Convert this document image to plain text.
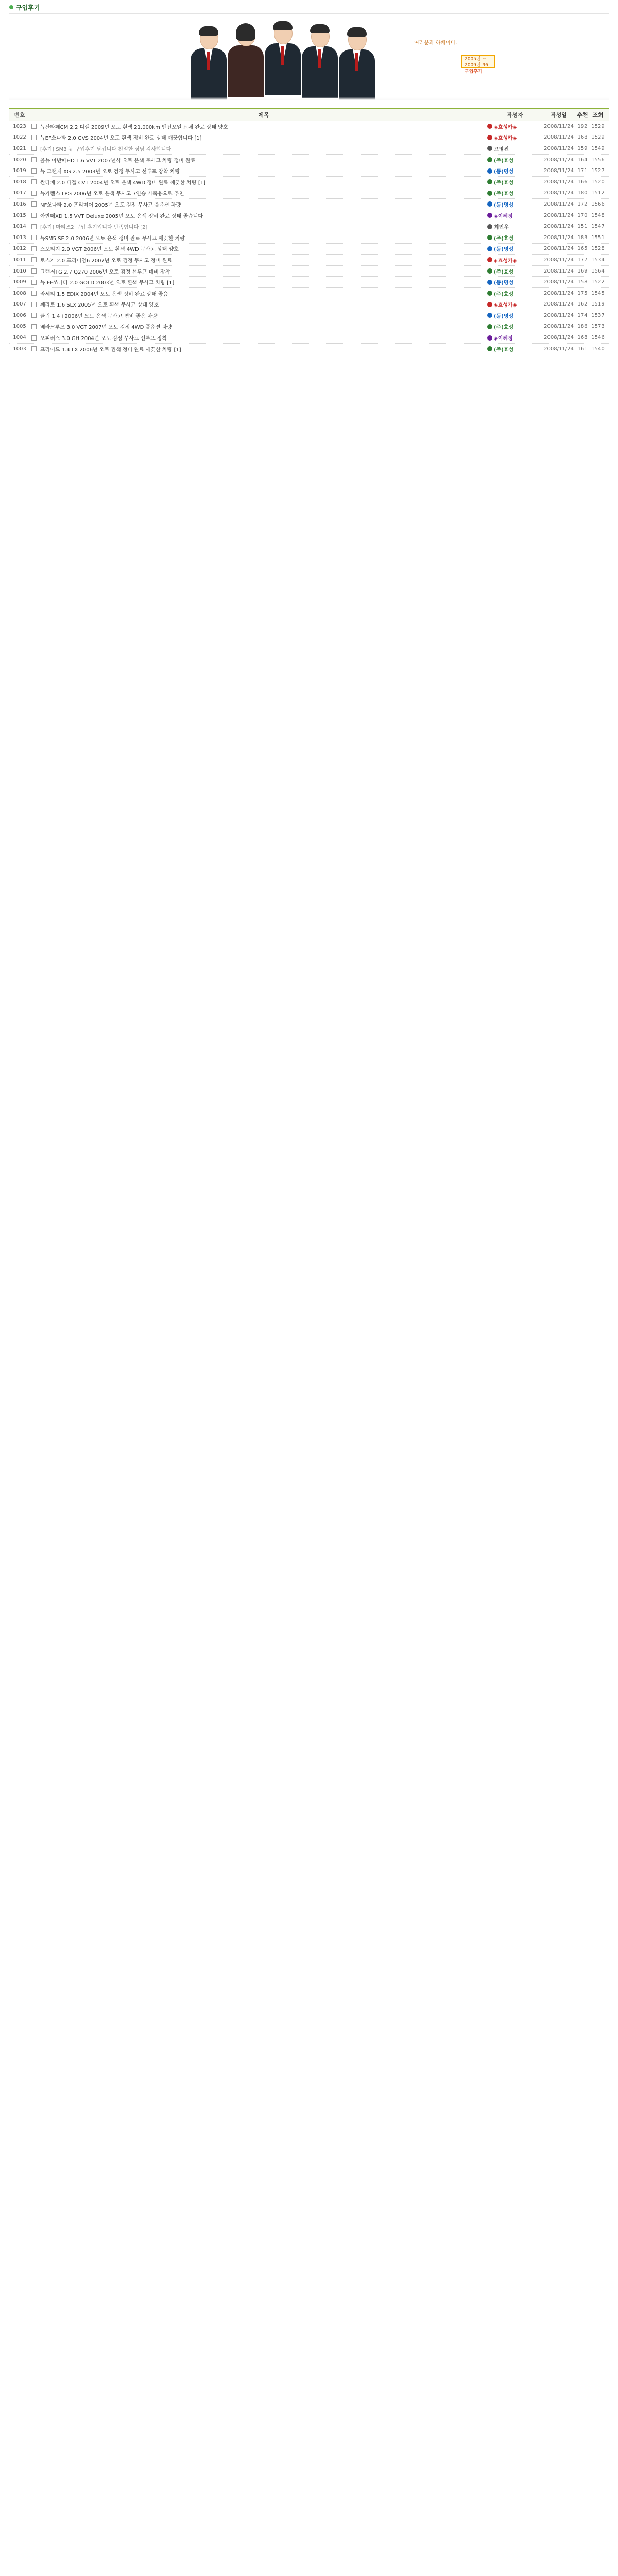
구입후기
여러분과 하쎄이다.
2005년 ~
2009년 96
구입후기
번호	제목	작성자	작성일	추천 조회
1023	뉴산타페CM 2.2 디젤 2009년 오토 흰색 21,000km 엔진오일 교체 완료 상태 양호	◈효성카◈	2008/11/24 192 1529
1022	뉴EF쏘나타 2.0 GVS 2004년 오토 흰색 정비 완료 상태 깨끗합니다 [1]	◈효성카◈	2008/11/24 168 1529
1021	[후기] SM3 뉴 구입후기 남깁니다 친절한 상담 감사합니다	고명진	2008/11/24 159 1549
1020	올뉴 아반떼HD 1.6 VVT 2007년식 오토 은색 무사고 차량 정비 완료	(주)효성	2008/11/24 164 1556
1019	뉴 그랜저 XG 2.5 2003년 오토 검정 무사고 선루프 장착 차량	(동)명성	2008/11/24 171 1527
1018	싼타페 2.0 디젤 CVT 2004년 오토 은색 4WD 정비 완료 깨끗한 차량 [1]	(주)효성	2008/11/24 166 1520
1017	뉴카렌스 LPG 2006년 오토 은색 무사고 7인승 가족용으로 추천	(주)효성	2008/11/24 180 1512
1016	NF쏘나타 2.0 프리미어 2005년 오토 검정 무사고 풀옵션 차량	(동)명성	2008/11/24 172 1566
1015	아반떼XD 1.5 VVT Deluxe 2005년 오토 은색 정비 완료 상태 좋습니다	◈이혜정	2008/11/24 170 1548
1014	[후기] 마티즈2 구입 후기입니다 만족합니다 [2]	최민우	2008/11/24 151 1547
1013	뉴SM5 SE 2.0 2006년 오토 은색 정비 완료 무사고 깨끗한 차량	(주)효성	2008/11/24 183 1551
1012	스포티지 2.0 VGT 2006년 오토 흰색 4WD 무사고 상태 양호	(동)명성	2008/11/24 165 1528
1011	토스카 2.0 프리미엄6 2007년 오토 검정 무사고 정비 완료	◈효성카◈	2008/11/24 177 1534
1010	그랜저TG 2.7 Q270 2006년 오토 검정 선루프 네비 장착	(주)효성	2008/11/24 169 1564
1009	뉴 EF쏘나타 2.0 GOLD 2003년 오토 흰색 무사고 차량 [1]	(동)명성	2008/11/24 158 1522
1008	라세티 1.5 EDIX 2004년 오토 은색 정비 완료 상태 좋음	(주)효성	2008/11/24 175 1545
1007	쎄라토 1.6 SLX 2005년 오토 흰색 무사고 상태 양호	◈효성카◈	2008/11/24 162 1519
1006	클릭 1.4 i 2006년 오토 은색 무사고 연비 좋은 차량	(동)명성	2008/11/24 174 1537
1005	베라크루즈 3.0 VGT 2007년 오토 검정 4WD 풀옵션 차량	(주)효성	2008/11/24 186 1573
1004	오피러스 3.0 GH 2004년 오토 검정 무사고 선루프 장착	◈이혜정	2008/11/24 168 1546
1003	프라이드 1.4 LX 2006년 오토 흰색 정비 완료 깨끗한 차량 [1]	(주)효성	2008/11/24 161 1540
